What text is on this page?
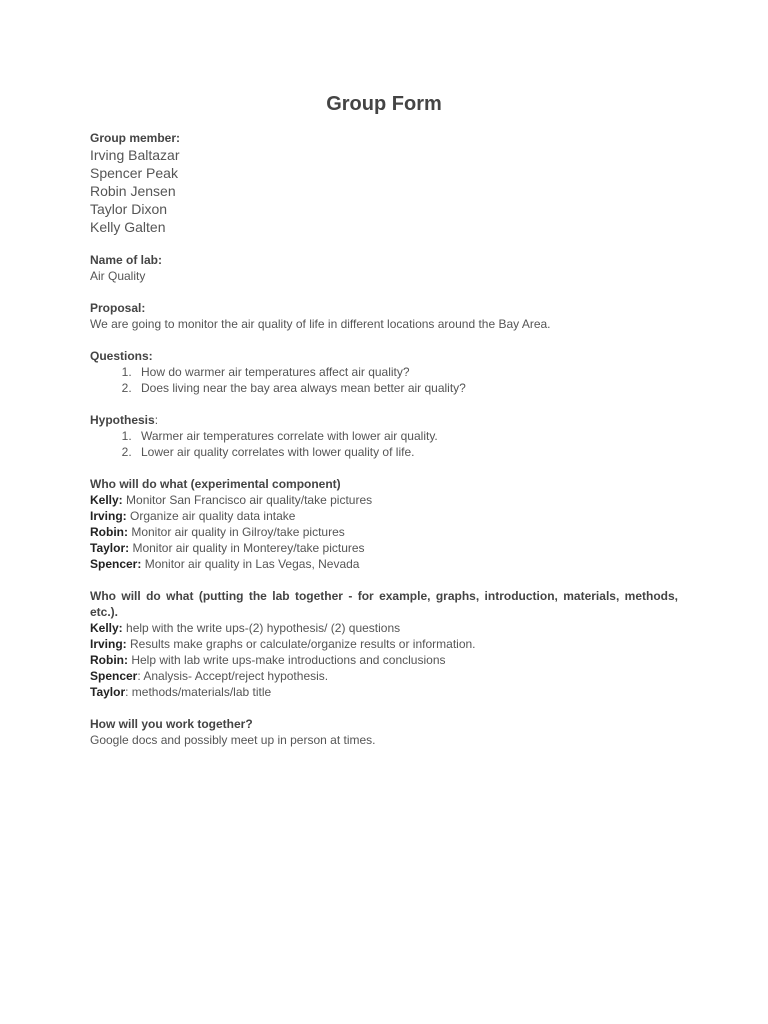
Group Form

Group member:

Irving Baltazar
Spencer Peak
Robin Jensen
Taylor Dixon
Kelly Galten

Name of lab:

Air Quality

Proposal:

We are going to monitor the air quality of life in different locations around the Bay Area.

Questions:

1. How do warmer air temperatures affect air quality?
2. Does living near the bay area always mean better air quality?

Hypothesis:

1. Warmer air temperatures correlate with lower air quality.
2. Lower air quality correlates with lower quality of life.

Who will do what (experimental component)

Kelly: Monitor San Francisco air quality/take pictures

Irving: Organize air quality data intake

Robin: Monitor air quality in Gilroy/take pictures

Taylor: Monitor air quality in Monterey/take pictures

Spencer: Monitor air quality in Las Vegas, Nevada

Who will do what (putting the lab together - for example, graphs, introduction, materials, methods, etc.).

Kelly: help with the write ups-(2) hypothesis/ (2) questions

Irving: Results make graphs or calculate/organize results or information.

Robin: Help with lab write ups-make introductions and conclusions

Spencer: Analysis- Accept/reject hypothesis.

Taylor: methods/materials/lab title

How will you work together?

Google docs and possibly meet up in person at times.
